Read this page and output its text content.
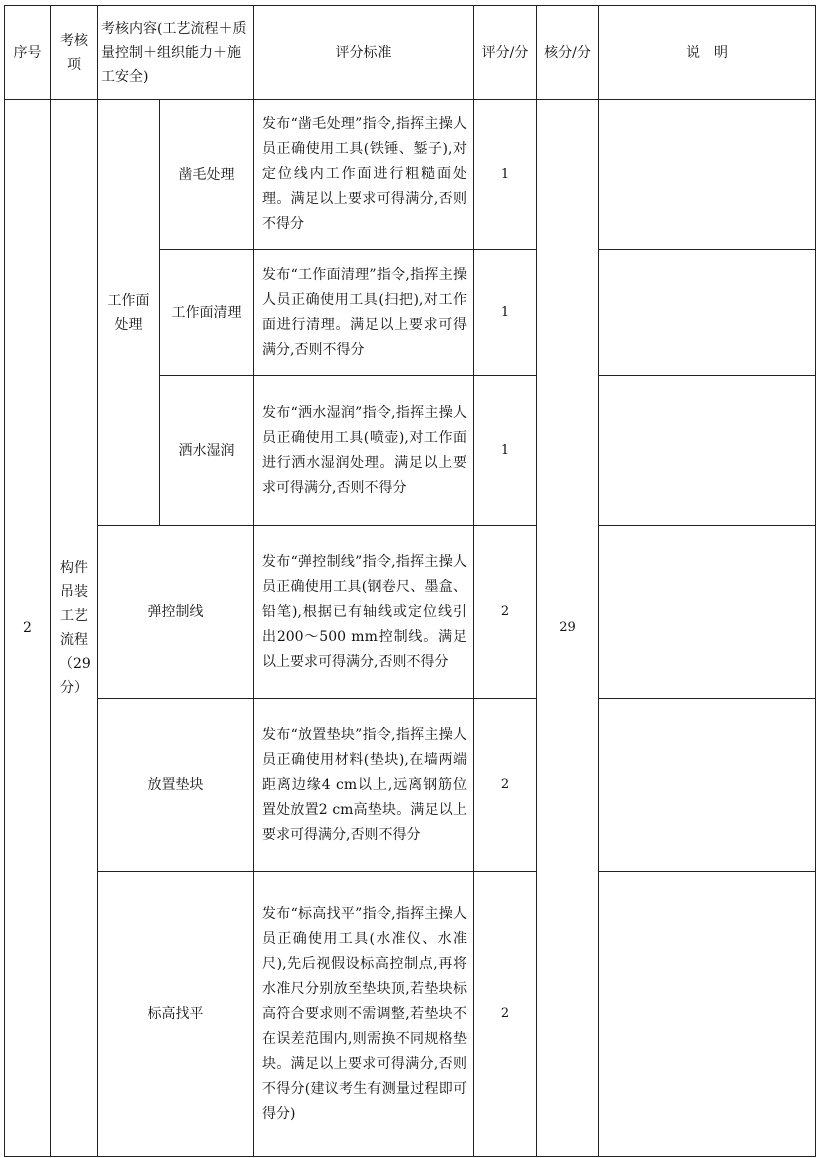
序号	考核项	考核内容(工艺流程＋质量控制＋组织能力＋施工安全)		评分标准	评分/分	核分/分	说　明
2	构件吊装工艺流程（29分）	工作面处理	凿毛处理	发布“凿毛处理”指令,指挥主操人员正确使用工具(铁锤、錾子),对定位线内工作面进行粗糙面处理。满足以上要求可得满分,否则不得分	1	29	
			工作面清理	发布“工作面清理”指令,指挥主操人员正确使用工具(扫把),对工作面进行清理。满足以上要求可得满分,否则不得分	1		
			洒水湿润	发布“洒水湿润”指令,指挥主操人员正确使用工具(喷壶),对工作面进行洒水湿润处理。满足以上要求可得满分,否则不得分	1		
		弹控制线		发布“弹控制线”指令,指挥主操人员正确使用工具(钢卷尺、墨盒、铅笔),根据已有轴线或定位线引出200～500 mm控制线。满足以上要求可得满分,否则不得分	2		
		放置垫块		发布“放置垫块”指令,指挥主操人员正确使用材料(垫块),在墙两端距离边缘4 cm以上,远离钢筋位置处放置2 cm高垫块。满足以上要求可得满分,否则不得分	2		
		标高找平		发布“标高找平”指令,指挥主操人员正确使用工具(水准仪、水准尺),先后视假设标高控制点,再将水准尺分别放至垫块顶,若垫块标高符合要求则不需调整,若垫块不在误差范围内,则需换不同规格垫块。满足以上要求可得满分,否则不得分(建议考生有测量过程即可得分)	2		
